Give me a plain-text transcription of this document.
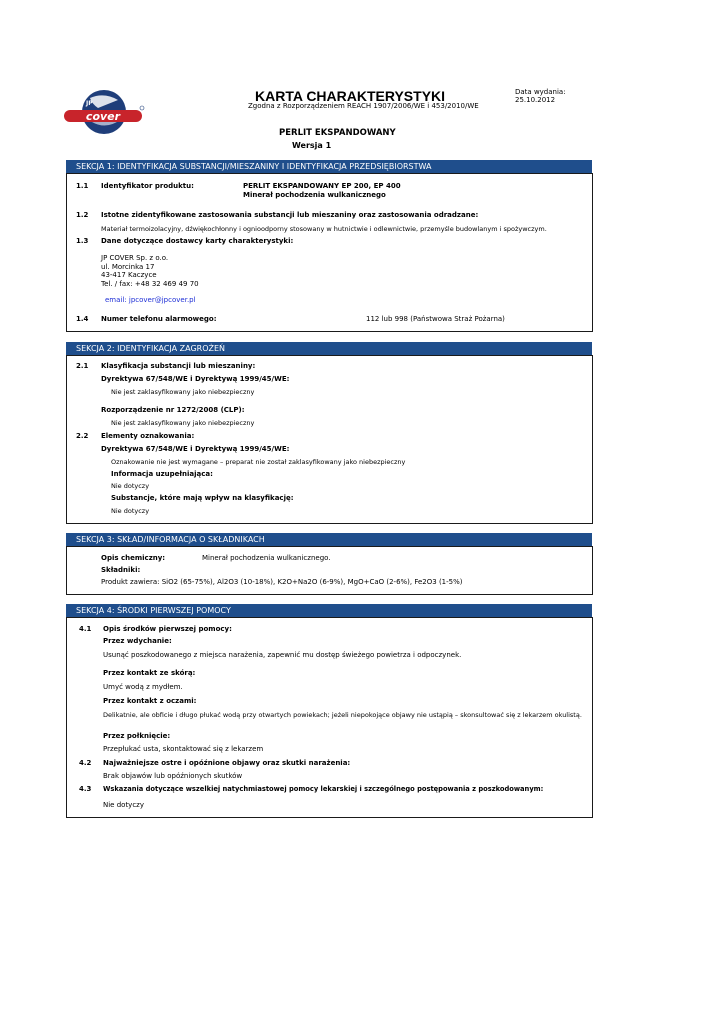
cover
JP	KARTA CHARAKTERYSTYKI
Zgodna z Rozporządzeniem REACH 1907/2006/WE i 453/2010/WE
Data wydania:
25.10.2012
PERLIT EKSPANDOWANY
Wersja 1
SEKCJA 1: IDENTYFIKACJA SUBSTANCJI/MIESZANINY I IDENTYFIKACJA PRZEDSIĘBIORSTWA
1.1 Identyfikator produktu:	PERLIT EKSPANDOWANY EP 200, EP 400
Minerał pochodzenia wulkanicznego
1.2 Istotne zidentyfikowane zastosowania substancji lub mieszaniny oraz zastosowania odradzane:
Materiał termoizolacyjny, dźwiękochłonny i ognioodporny stosowany w hutnictwie i odlewnictwie, przemyśle budowlanym i spożywczym.
1.3 Dane dotyczące dostawcy karty charakterystyki:
JP COVER Sp. z o.o.
ul. Morcinka 17
43-417 Kaczyce
Tel. / fax: +48 32 469 49 70
email: jpcover@jpcover.pl
1.4 Numer telefonu alarmowego:	112 lub 998 (Państwowa Straż Pożarna)
SEKCJA 2: IDENTYFIKACJA ZAGROŻEŃ
2.1 Klasyfikacja substancji lub mieszaniny:
Dyrektywa 67/548/WE i Dyrektywą 1999/45/WE:
Nie jest zaklasyfikowany jako niebezpieczny
Rozporządzenie nr 1272/2008 (CLP):
Nie jest zaklasyfikowany jako niebezpieczny
2.2 Elementy oznakowania:
Dyrektywa 67/548/WE i Dyrektywą 1999/45/WE:
Oznakowanie nie jest wymagane – preparat nie został zaklasyfikowany jako niebezpieczny
Informacja uzupełniająca:
Nie dotyczy
Substancje, które mają wpływ na klasyfikację:
Nie dotyczy
SEKCJA 3: SKŁAD/INFORMACJA O SKŁADNIKACH
Opis chemiczny:	Minerał pochodzenia wulkanicznego.
Składniki:
Produkt zawiera: SiO2 (65-75%), Al2O3 (10-18%), K2O+Na2O (6-9%), MgO+CaO (2-6%), Fe2O3 (1-5%)
SEKCJA 4: ŚRODKI PIERWSZEJ POMOCY
4.1 Opis środków pierwszej pomocy:
Przez wdychanie:
Usunąć poszkodowanego z miejsca narażenia, zapewnić mu dostęp świeżego powietrza i odpoczynek.
Przez kontakt ze skórą:
Umyć wodą z mydłem.
Przez kontakt z oczami:
Delikatnie, ale obficie i długo płukać wodą przy otwartych powiekach; jeżeli niepokojące objawy nie ustąpią – skonsultować się z lekarzem okulistą.
Przez połknięcie:
Przepłukać usta, skontaktować się z lekarzem
4.2 Najważniejsze ostre i opóźnione objawy oraz skutki narażenia:
Brak objawów lub opóźnionych skutków
4.3 Wskazania dotyczące wszelkiej natychmiastowej pomocy lekarskiej i szczególnego postępowania z poszkodowanym:
Nie dotyczy
